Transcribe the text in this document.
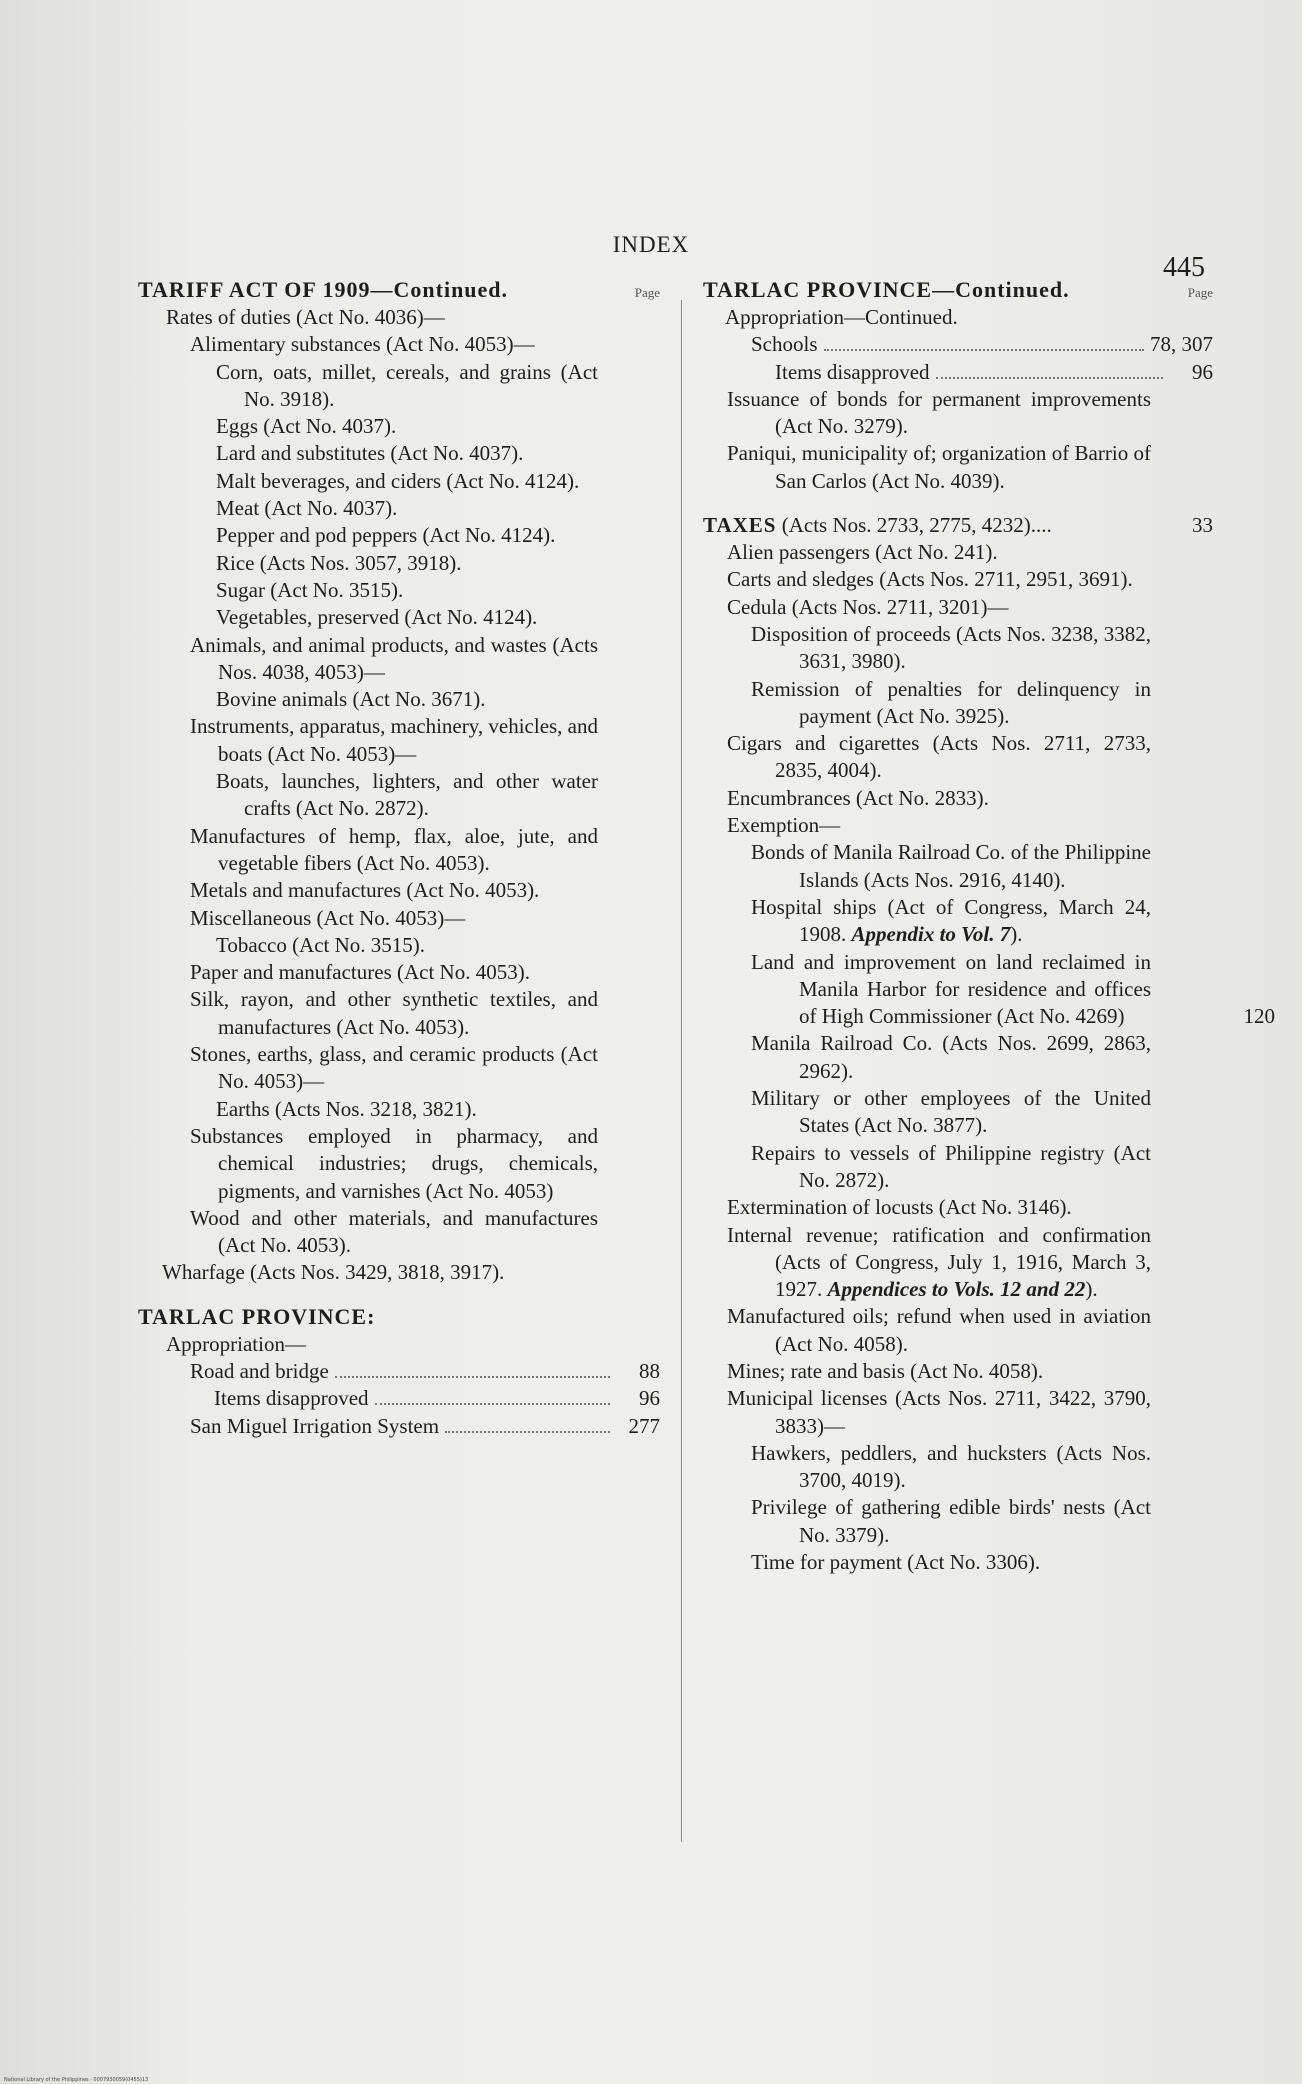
INDEX
445
TARIFF ACT OF 1909—Continued.	Page
Rates of duties (Act No. 4036)—
Alimentary substances (Act No. 4053)—
Corn, oats, millet, cereals, and grains (Act No. 3918).
Eggs (Act No. 4037).
Lard and substitutes (Act No. 4037).
Malt beverages, and ciders (Act No. 4124).
Meat (Act No. 4037).
Pepper and pod peppers (Act No. 4124).
Rice (Acts Nos. 3057, 3918).
Sugar (Act No. 3515).
Vegetables, preserved (Act No. 4124).
Animals, and animal products, and wastes (Acts Nos. 4038, 4053)—
Bovine animals (Act No. 3671).
Instruments, apparatus, machinery, vehicles, and boats (Act No. 4053)—
Boats, launches, lighters, and other water crafts (Act No. 2872).
Manufactures of hemp, flax, aloe, jute, and vegetable fibers (Act No. 4053).
Metals and manufactures (Act No. 4053).
Miscellaneous (Act No. 4053)—
Tobacco (Act No. 3515).
Paper and manufactures (Act No. 4053).
Silk, rayon, and other synthetic textiles, and manufactures (Act No. 4053).
Stones, earths, glass, and ceramic products (Act No. 4053)—
Earths (Acts Nos. 3218, 3821).
Substances employed in pharmacy, and chemical industries; drugs, chemicals, pigments, and varnishes (Act No. 4053)
Wood and other materials, and manufactures (Act No. 4053).
Wharfage (Acts Nos. 3429, 3818, 3917).
TARLAC PROVINCE:
Appropriation—
Road and bridge	88
Items disapproved	96
San Miguel Irrigation System	277
TARLAC PROVINCE—Continued.	Page
Appropriation—Continued.
Schools	78, 307
Items disapproved	96
Issuance of bonds for permanent improvements (Act No. 3279).
Paniqui, municipality of; organization of Barrio of San Carlos (Act No. 4039).
TAXES (Acts Nos. 2733, 2775, 4232)....	33
Alien passengers (Act No. 241).
Carts and sledges (Acts Nos. 2711, 2951, 3691).
Cedula (Acts Nos. 2711, 3201)—
Disposition of proceeds (Acts Nos. 3238, 3382, 3631, 3980).
Remission of penalties for delinquency in payment (Act No. 3925).
Cigars and cigarettes (Acts Nos. 2711, 2733, 2835, 4004).
Encumbrances (Act No. 2833).
Exemption—
Bonds of Manila Railroad Co. of the Philippine Islands (Acts Nos. 2916, 4140).
Hospital ships (Act of Congress, March 24, 1908. Appendix to Vol. 7).
Land and improvement on land reclaimed in Manila Harbor for residence and offices of High Commissioner (Act No. 4269)	120
Manila Railroad Co. (Acts Nos. 2699, 2863, 2962).
Military or other employees of the United States (Act No. 3877).
Repairs to vessels of Philippine registry (Act No. 2872).
Extermination of locusts (Act No. 3146).
Internal revenue; ratification and confirmation (Acts of Congress, July 1, 1916, March 3, 1927. Appendices to Vols. 12 and 22).
Manufactured oils; refund when used in aviation (Act No. 4058).
Mines; rate and basis (Act No. 4058).
Municipal licenses (Acts Nos. 2711, 3422, 3790, 3833)—
Hawkers, peddlers, and hucksters (Acts Nos. 3700, 4019).
Privilege of gathering edible birds' nests (Act No. 3379).
Time for payment (Act No. 3306).
National Library of the Philippines · 0007930059(0455)13
